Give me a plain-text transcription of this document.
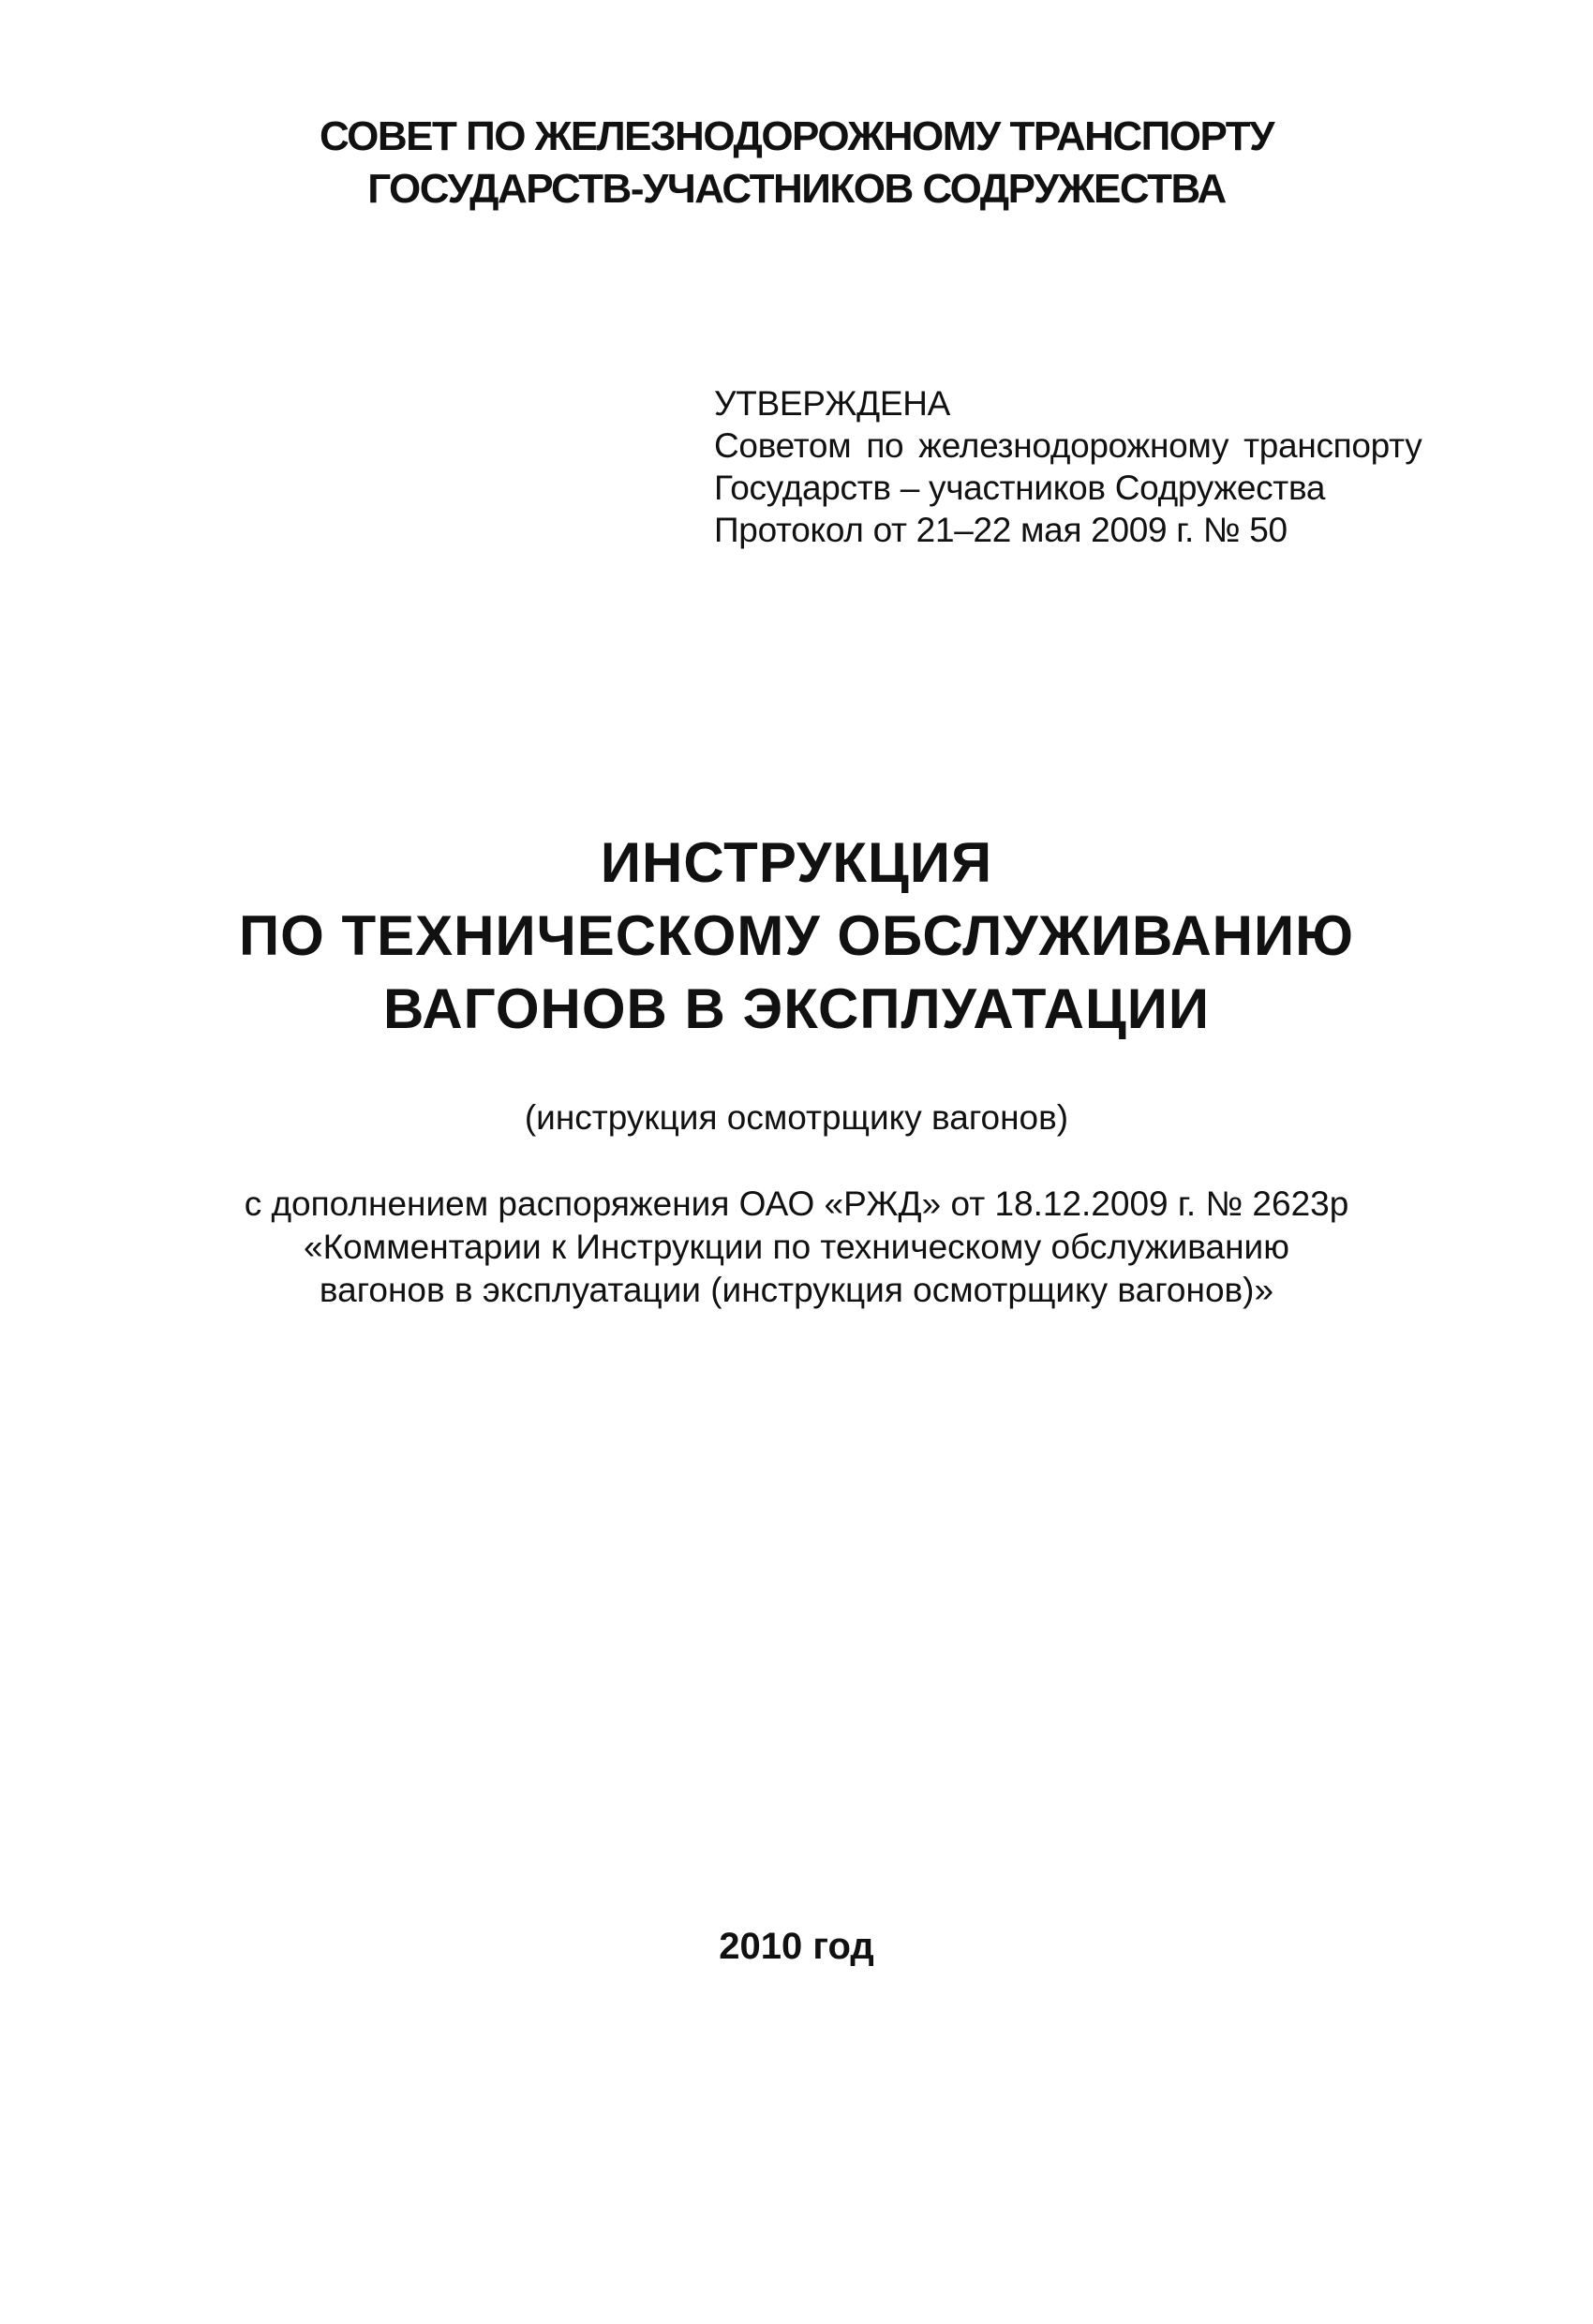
СОВЕТ ПО ЖЕЛЕЗНОДОРОЖНОМУ ТРАНСПОРТУ
ГОСУДАРСТВ-УЧАСТНИКОВ СОДРУЖЕСТВА
УТВЕРЖДЕНА
Советом по железнодорожному транспорту
Государств – участников Содружества
Протокол от 21–22 мая 2009 г. № 50
ИНСТРУКЦИЯ
ПО ТЕХНИЧЕСКОМУ ОБСЛУЖИВАНИЮ
ВАГОНОВ В ЭКСПЛУАТАЦИИ
(инструкция осмотрщику вагонов)
с дополнением распоряжения ОАО «РЖД» от 18.12.2009 г. № 2623р
«Комментарии к Инструкции по техническому обслуживанию
вагонов в эксплуатации (инструкция осмотрщику вагонов)»
2010 год
